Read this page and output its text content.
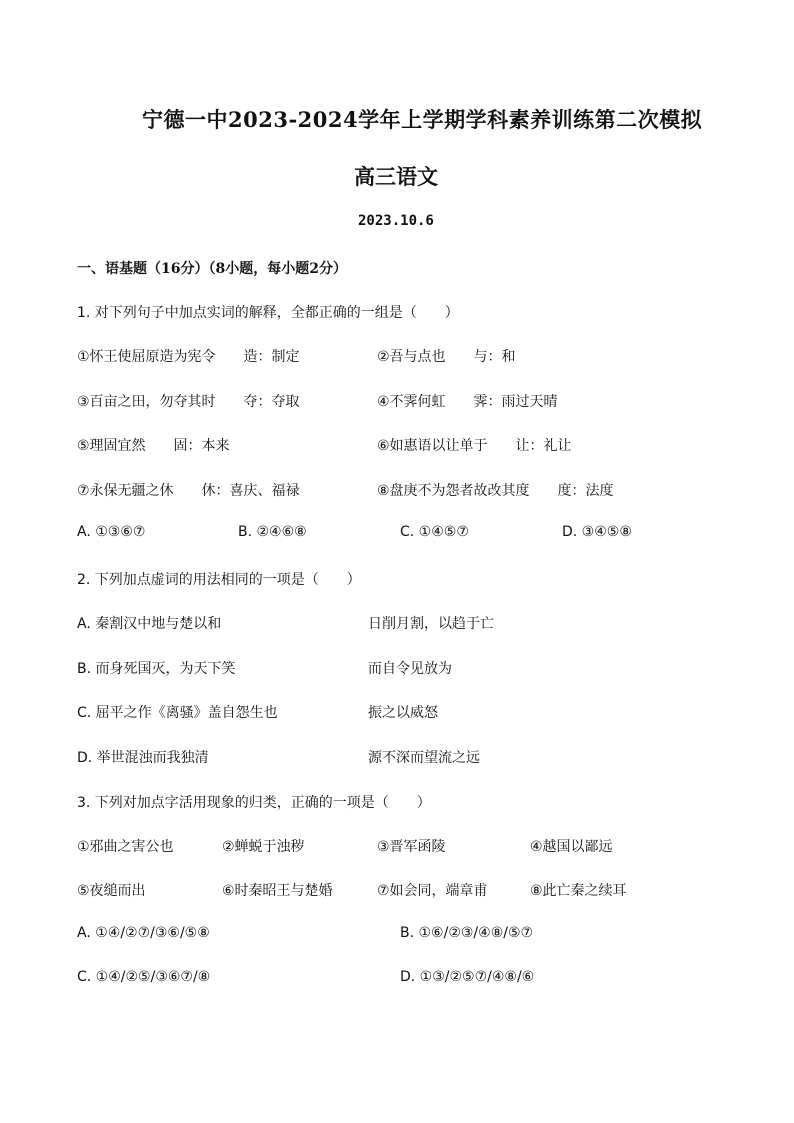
宁德一中2023-2024学年上学期学科素养训练第二次模拟
高三语文
2023.10.6
一、语基题（16分）（8小题，每小题2分）
1. 对下列句子中加点实词的解释，全都正确的一组是（　　）
①怀王使屈原造为宪令　　造：制定	②吾与点也　　与：和
③百亩之田，勿夺其时　　夺：夺取	④不霁何虹　　霁：雨过天晴
⑤理固宜然　　固：本来	⑥如惠语以让单于　　让：礼让
⑦永保无疆之休　　休：喜庆、福禄	⑧盘庚不为怨者故改其度　　度：法度
A. ①③⑥⑦	B. ②④⑥⑧	C. ①④⑤⑦	D. ③④⑤⑧
2. 下列加点虚词的用法相同的一项是（　　）
A. 秦割汉中地与楚以和	日削月割，以趋于亡
B. 而身死国灭，为天下笑	而自令见放为
C. 屈平之作《离骚》盖自怨生也	振之以威怒
D. 举世混浊而我独清	源不深而望流之远
3. 下列对加点字活用现象的归类，正确的一项是（　　）
①邪曲之害公也	②蝉蜕于浊秽	③晋军函陵	④越国以鄙远
⑤夜缒而出	⑥时秦昭王与楚婚	⑦如会同，端章甫	⑧此亡秦之续耳
A. ①④/②⑦/③⑥/⑤⑧	B. ①⑥/②③/④⑧/⑤⑦
C. ①④/②⑤/③⑥⑦/⑧	D. ①③/②⑤⑦/④⑧/⑥
